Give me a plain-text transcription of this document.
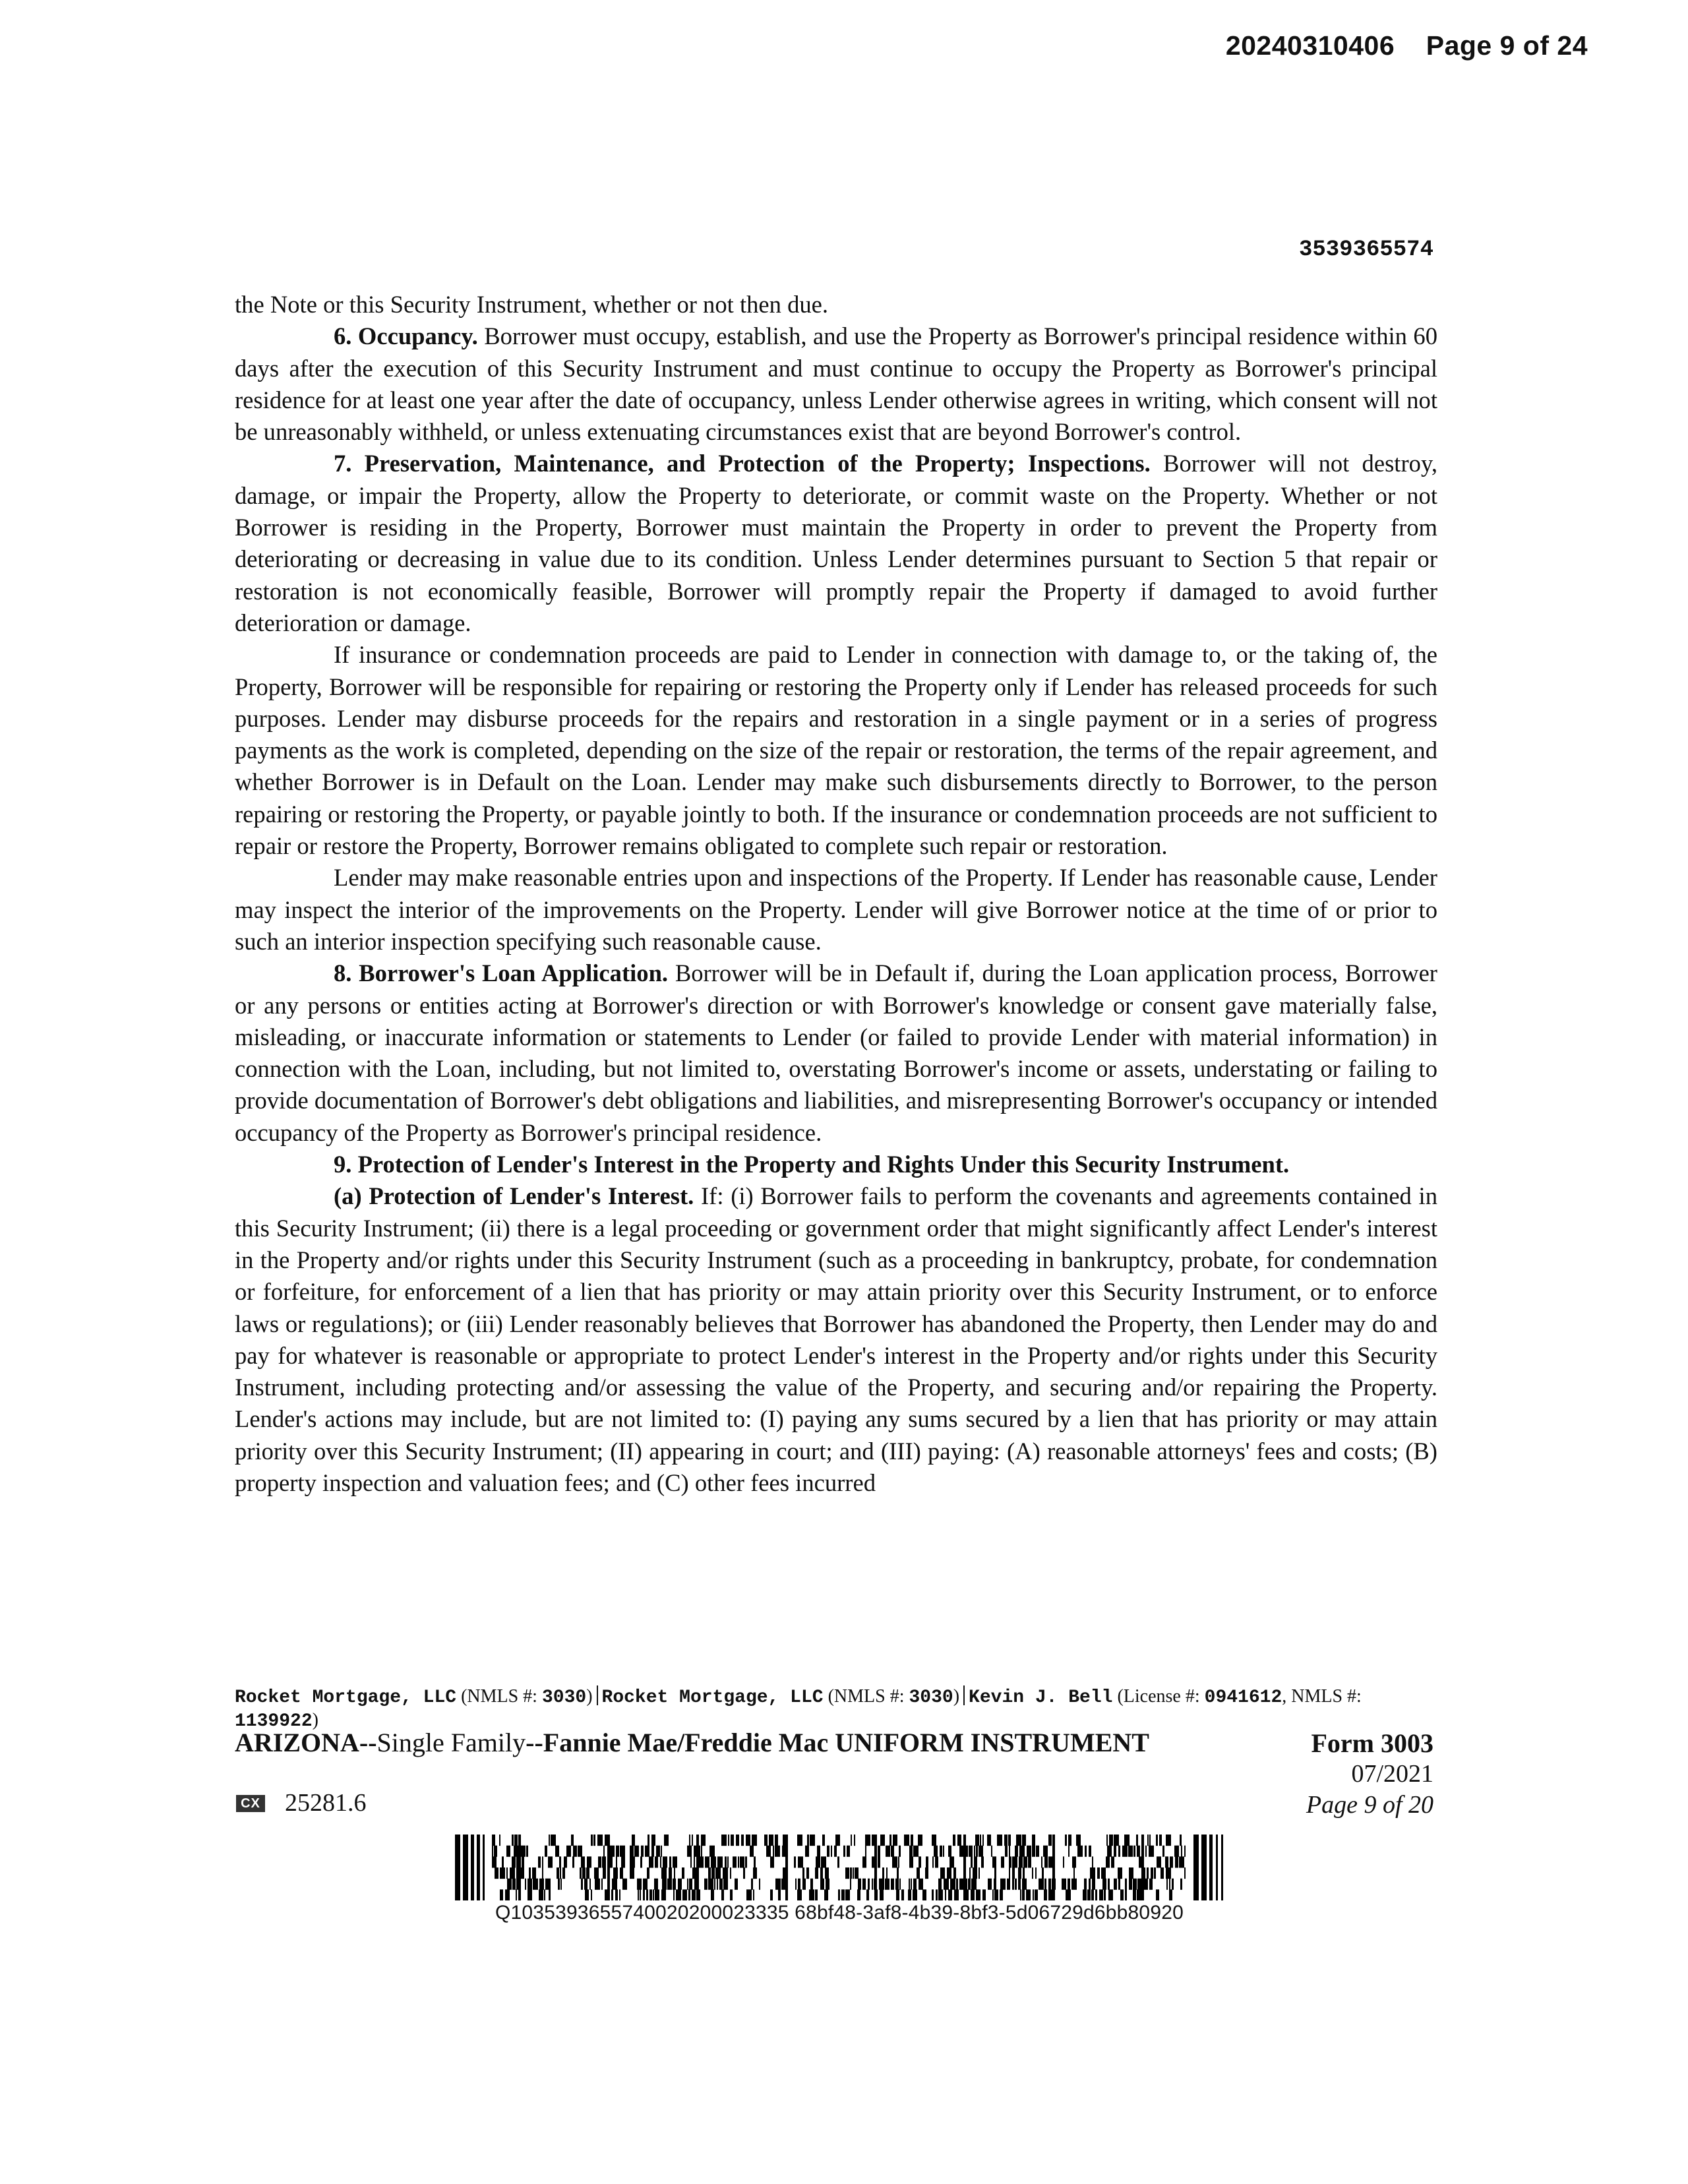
20240310406 Page 9 of 24
3539365574

the Note or this Security Instrument, whether or not then due.

6. Occupancy. Borrower must occupy, establish, and use the Property as Borrower's principal residence within 60 days after the execution of this Security Instrument and must continue to occupy the Property as Borrower's principal residence for at least one year after the date of occupancy, unless Lender otherwise agrees in writing, which consent will not be unreasonably withheld, or unless extenuating circumstances exist that are beyond Borrower's control.

7. Preservation, Maintenance, and Protection of the Property; Inspections. Borrower will not destroy, damage, or impair the Property, allow the Property to deteriorate, or commit waste on the Property. Whether or not Borrower is residing in the Property, Borrower must maintain the Property in order to prevent the Property from deteriorating or decreasing in value due to its condition. Unless Lender determines pursuant to Section 5 that repair or restoration is not economically feasible, Borrower will promptly repair the Property if damaged to avoid further deterioration or damage.

If insurance or condemnation proceeds are paid to Lender in connection with damage to, or the taking of, the Property, Borrower will be responsible for repairing or restoring the Property only if Lender has released proceeds for such purposes. Lender may disburse proceeds for the repairs and restoration in a single payment or in a series of progress payments as the work is completed, depending on the size of the repair or restoration, the terms of the repair agreement, and whether Borrower is in Default on the Loan. Lender may make such disbursements directly to Borrower, to the person repairing or restoring the Property, or payable jointly to both. If the insurance or condemnation proceeds are not sufficient to repair or restore the Property, Borrower remains obligated to complete such repair or restoration.

Lender may make reasonable entries upon and inspections of the Property. If Lender has reasonable cause, Lender may inspect the interior of the improvements on the Property. Lender will give Borrower notice at the time of or prior to such an interior inspection specifying such reasonable cause.

8. Borrower's Loan Application. Borrower will be in Default if, during the Loan application process, Borrower or any persons or entities acting at Borrower's direction or with Borrower's knowledge or consent gave materially false, misleading, or inaccurate information or statements to Lender (or failed to provide Lender with material information) in connection with the Loan, including, but not limited to, overstating Borrower's income or assets, understating or failing to provide documentation of Borrower's debt obligations and liabilities, and misrepresenting Borrower's occupancy or intended occupancy of the Property as Borrower's principal residence.

9. Protection of Lender's Interest in the Property and Rights Under this Security Instrument.

(a) Protection of Lender's Interest. If: (i) Borrower fails to perform the covenants and agreements contained in this Security Instrument; (ii) there is a legal proceeding or government order that might significantly affect Lender's interest in the Property and/or rights under this Security Instrument (such as a proceeding in bankruptcy, probate, for condemnation or forfeiture, for enforcement of a lien that has priority or may attain priority over this Security Instrument, or to enforce laws or regulations); or (iii) Lender reasonably believes that Borrower has abandoned the Property, then Lender may do and pay for whatever is reasonable or appropriate to protect Lender's interest in the Property and/or rights under this Security Instrument, including protecting and/or assessing the value of the Property, and securing and/or repairing the Property. Lender's actions may include, but are not limited to: (I) paying any sums secured by a lien that has priority or may attain priority over this Security Instrument; (II) appearing in court; and (III) paying: (A) reasonable attorneys' fees and costs; (B) property inspection and valuation fees; and (C) other fees incurred

Rocket Mortgage, LLC (NMLS #: 3030) Rocket Mortgage, LLC (NMLS #: 3030) Kevin J. Bell (License #: 0941612, NMLS #: 1139922)
ARIZONA--Single Family--Fannie Mae/Freddie Mac UNIFORM INSTRUMENT	Form 3003
07/2021
Page 9 of 20
CX 25281.6
Q1035393655740020200023335 68bf48-3af8-4b39-8bf3-5d06729d6bb80920
